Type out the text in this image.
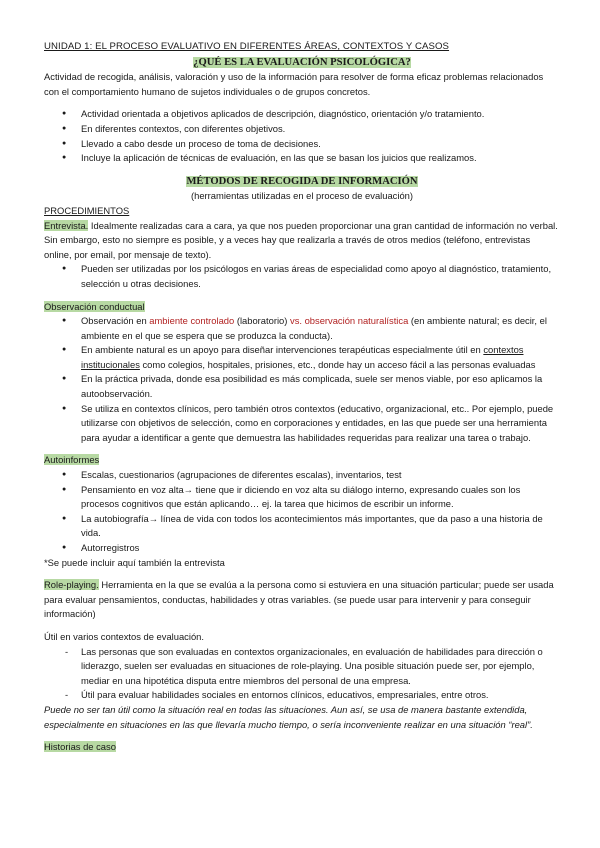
UNIDAD 1: EL PROCESO EVALUATIVO EN DIFERENTES ÁREAS, CONTEXTOS Y CASOS

¿QUÉ ES LA EVALUACIÓN PSICOLÓGICA?

Actividad de recogida, análisis, valoración y uso de la información para resolver de forma eficaz problemas relacionados con el comportamiento humano de sujetos individuales o de grupos concretos.

● Actividad orientada a objetivos aplicados de descripción, diagnóstico, orientación y/o tratamiento.
● En diferentes contextos, con diferentes objetivos.
● Llevado a cabo desde un proceso de toma de decisiones.
● Incluye la aplicación de técnicas de evaluación, en las que se basan los juicios que realizamos.

MÉTODOS DE RECOGIDA DE INFORMACIÓN

(herramientas utilizadas en el proceso de evaluación)

PROCEDIMIENTOS

Entrevista. Idealmente realizadas cara a cara, ya que nos pueden proporcionar una gran cantidad de información no verbal. Sin embargo, esto no siempre es posible, y a veces hay que realizarla a través de otros medios (teléfono, entrevistas online, por email, por mensaje de texto).

● Pueden ser utilizadas por los psicólogos en varias áreas de especialidad como apoyo al diagnóstico, tratamiento, selección u otras decisiones.

Observación conductual

● Observación en ambiente controlado (laboratorio) vs. observación naturalística (en ambiente natural; es decir, el ambiente en el que se espera que se produzca la conducta).
● En ambiente natural es un apoyo para diseñar intervenciones terapéuticas especialmente útil en contextos institucionales como colegios, hospitales, prisiones, etc., donde hay un acceso fácil a las personas evaluadas
● En la práctica privada, donde esa posibilidad es más complicada, suele ser menos viable, por eso aplicamos la autoobservación.
● Se utiliza en contextos clínicos, pero también otros contextos (educativo, organizacional, etc.. Por ejemplo, puede utilizarse con objetivos de selección, como en corporaciones y entidades, en las que puede ser una herramienta para ayudar a identificar a gente que demuestra las habilidades requeridas para realizar una tarea o trabajo.

Autoinformes

● Escalas, cuestionarios (agrupaciones de diferentes escalas), inventarios, test
● Pensamiento en voz alta→ tiene que ir diciendo en voz alta su diálogo interno, expresando cuales son los procesos cognitivos que están aplicando… ej. la tarea que hicimos de escribir un informe.
● La autobiografía→ línea de vida con todos los acontecimientos más importantes, que da paso a una historia de vida.
● Autorregistros

*Se puede incluir aquí también la entrevista

Role-playing. Herramienta en la que se evalúa a la persona como si estuviera en una situación particular; puede ser usada para evaluar pensamientos, conductas, habilidades y otras variables. (se puede usar para intervenir y para conseguir información)

Útil en varios contextos de evaluación.

- Las personas que son evaluadas en contextos organizacionales, en evaluación de habilidades para dirección o liderazgo, suelen ser evaluadas en situaciones de role-playing. Una posible situación puede ser, por ejemplo, mediar en una hipotética disputa entre miembros del personal de una empresa.
- Útil para evaluar habilidades sociales en entornos clínicos, educativos, empresariales, entre otros.

Puede no ser tan útil como la situación real en todas las situaciones. Aun así, se usa de manera bastante extendida, especialmente en situaciones en las que llevaría mucho tiempo, o sería inconveniente realizar en una situación “real”.

Historias de caso
